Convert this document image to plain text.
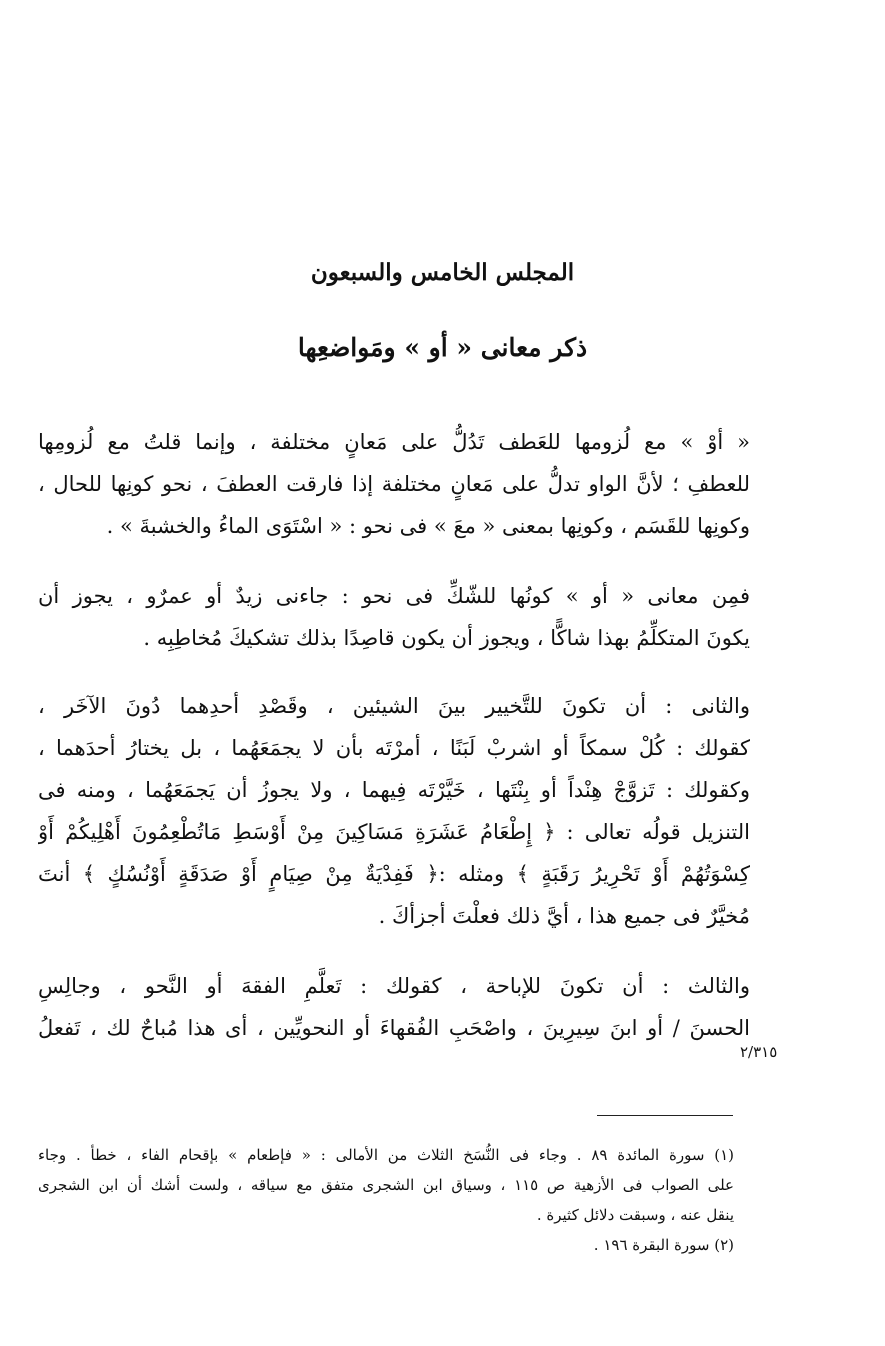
المجلس الخامس والسبعون
ذكر معانى « أو » ومَواضعِها
« أوْ » مع لُزومها للعَطف تَدُلُّ على مَعانٍ مختلفة ، وإنما قلتُ مع لُزومِها
للعطفِ ؛ لأنَّ الواو تدلُّ على مَعانٍ مختلفة إذا فارقت العطفَ ، نحو كونِها للحال ،
وكونِها للقَسَم ، وكونِها بمعنى « معَ » فى نحو : « اسْتَوَى الماءُ والخشبةَ » .
فمِن معانى « أو » كونُها للشّكِّ فى نحو : جاءنى زيدٌ أو عمرٌو ، يجوز أن
يكونَ المتكلِّمُ بهذا شاكًّا ، ويجوز أن يكون قاصِدًا بذلك تشكيكَ مُخاطِبِه .
والثانى : أن تكونَ للتَّخيير بينَ الشيئين ، وقَصْدِ أحدِهما دُونَ الآخَر ،
كقولك : كُلْ سمكاً أو اشربْ لَبَنًا ، أمرْتَه بأن لا يجمَعَهُما ، بل يختارُ أحدَهما ،
وكقولك : تَزوَّجْ هِنْداً أو بِنْتَها ، خَيَّرْتَه فِيهما ، ولا يجوزُ أن يَجمَعَهُما ، ومنه فى
التنزيل قولُه تعالى : ﴿ إِطْعَامُ عَشَرَةِ مَسَاكِينَ مِنْ أَوْسَطِ مَاتُطْعِمُونَ أَهْلِيكُمْ أَوْ
كِسْوَتُهُمْ أَوْ تَحْرِيرُ رَقَبَةٍ ﴾ ومثله :﴿ فَفِدْيَةٌ مِنْ صِيَامٍ أَوْ صَدَقَةٍ أَوْنُسُكٍ ﴾ أنتَ
مُخيَّرٌ فى جميع هذا ، أيَّ ذلك فعلْتَ أجزأكَ .
والثالث : أن تكونَ للإباحة ، كقولك : تَعلَّمِ الفقهَ أو النَّحو ، وجالِسِ
الحسنَ / أو ابنَ سِيرِينَ ، واصْحَبِ الفُقهاءَ أو النحويِّين ، أى هذا مُباحٌ لك ، تَفعلُ
٢/٣١٥
(١) سورة المائدة ٨٩ . وجاء فى النُّسَخ الثلاث من الأمالى : « فإطعام » بإقحام الفاء ، خطأ . وجاء
على الصواب فى الأزهية ص ١١٥ ، وسياق ابن الشجرى متفق مع سياقه ، ولست أشك أن ابن الشجرى
ينقل عنه ، وسبقت دلائل كثيرة .
(٢) سورة البقرة ١٩٦ .
